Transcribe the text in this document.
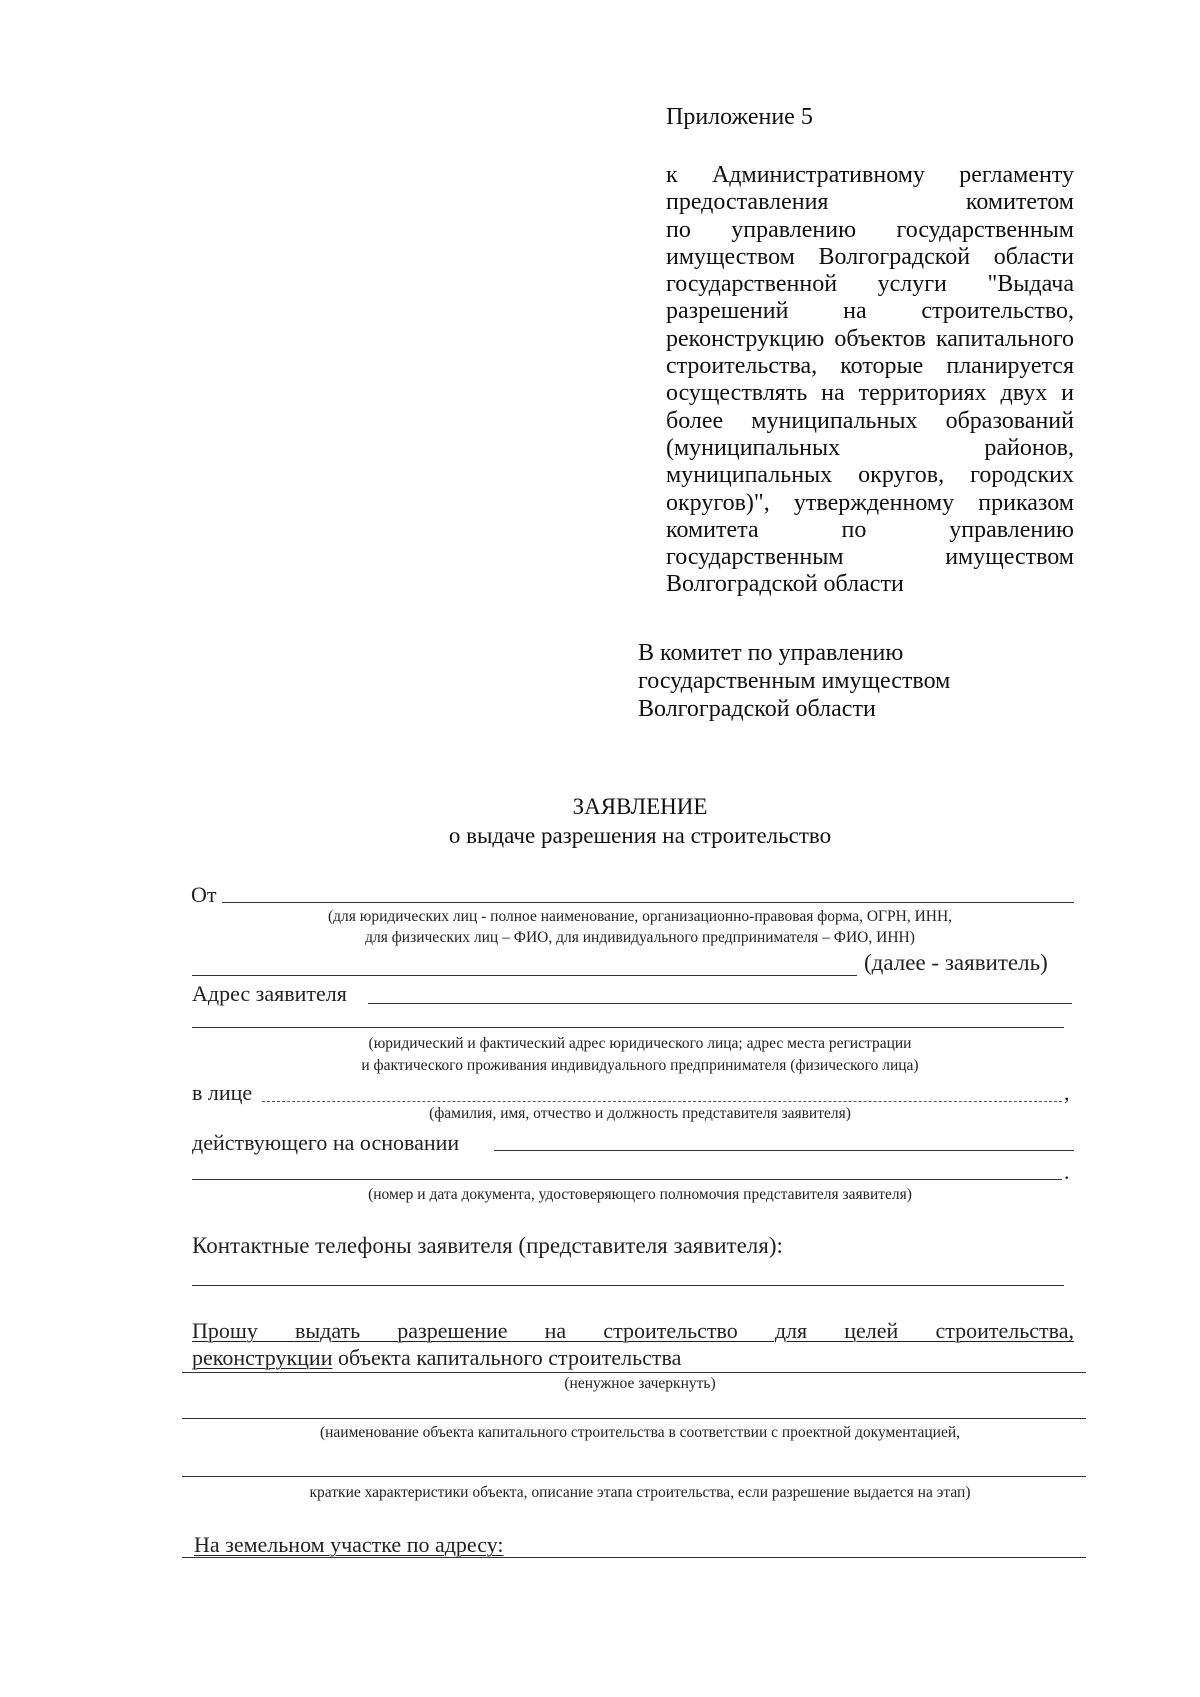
Приложение 5
к Административному регламенту
предоставления комитетом
по управлению государственным
имуществом Волгоградской области
государственной услуги "Выдача
разрешений на строительство,
реконструкцию объектов капитального
строительства, которые планируется
осуществлять на территориях двух и
более муниципальных образований
(муниципальных районов,
муниципальных округов, городских
округов)", утвержденному приказом
комитета по управлению
государственным имуществом
Волгоградской области
В комитет по управлению
государственным имуществом
Волгоградской области
ЗАЯВЛЕНИЕ
о выдаче разрешения на строительство
От
(для юридических лиц - полное наименование, организационно-правовая форма, ОГРН, ИНН,
для физических лиц – ФИО, для индивидуального предпринимателя – ФИО, ИНН)
(далее - заявитель)
Адрес заявителя
(юридический и фактический адрес юридического лица; адрес места регистрации
и фактического проживания индивидуального предпринимателя (физического лица)
в лице	,
(фамилия, имя, отчество и должность представителя заявителя)
действующего на основании
.
(номер и дата документа, удостоверяющего полномочия представителя заявителя)
Контактные телефоны заявителя (представителя заявителя):
Прошу выдать разрешение на строительство для целей строительства,
реконструкции объекта капитального строительства
(ненужное зачеркнуть)
(наименование объекта капитального строительства в соответствии с проектной документацией,
краткие характеристики объекта, описание этапа строительства, если разрешение выдается на этап)
На земельном участке по адресу:
